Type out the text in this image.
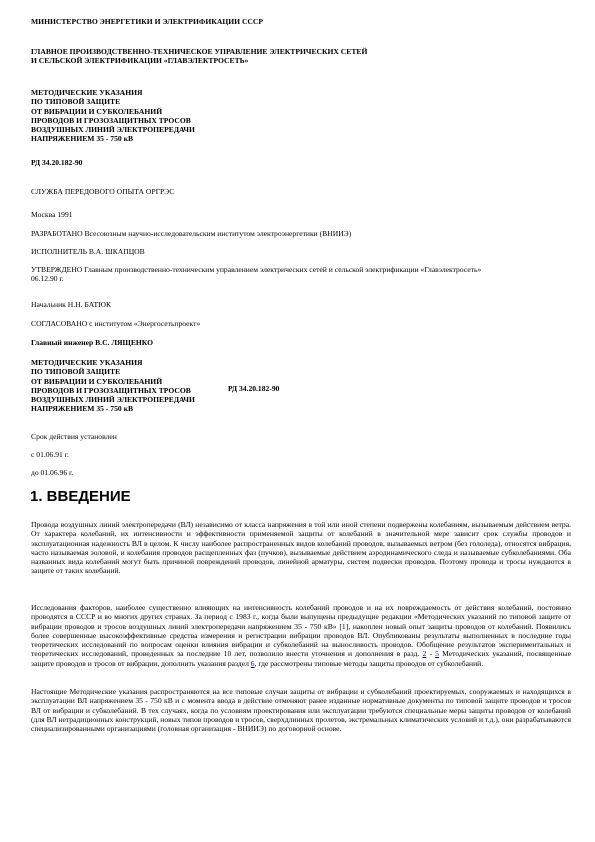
МИНИСТЕРСТВО ЭНЕРГЕТИКИ И ЭЛЕКТРИФИКАЦИИ СССР

ГЛАВНОЕ ПРОИЗВОДСТВЕННО-ТЕХНИЧЕСКОЕ УПРАВЛЕНИЕ ЭЛЕКТРИЧЕСКИХ СЕТЕЙ
И СЕЛЬСКОЙ ЭЛЕКТРИФИКАЦИИ «ГЛАВЭЛЕКТРОСЕТЬ»
МЕТОДИЧЕСКИЕ УКАЗАНИЯ
ПО ТИПОВОЙ ЗАЩИТЕ
ОТ ВИБРАЦИИ И СУБКОЛЕБАНИЙ
ПРОВОДОВ И ГРОЗОЗАЩИТНЫХ ТРОСОВ
ВОЗДУШНЫХ ЛИНИЙ ЭЛЕКТРОПЕРЕДАЧИ
НАПРЯЖЕНИЕМ 35 - 750 кВ

РД 34.20.182-90

СЛУЖБА ПЕРЕДОВОГО ОПЫТА ОРГРЭС

Москва 1991

РАЗРАБОТАНО Всесоюзным научно-исследовательским институтом электроэнергетики (ВНИИЭ)

ИСПОЛНИТЕЛЬ В.А. ШКАПЦОВ

УТВЕРЖДЕНО Главным производственно-техническим управлением электрических сетей и сельской электрификации «Главэлектросеть»
06.12.90 г.

Начальник Н.Н. БАТЮК

СОГЛАСОВАНО с институтом «Энергосетьпроект»

Главный инженер В.С. ЛЯЩЕНКО

МЕТОДИЧЕСКИЕ УКАЗАНИЯ
ПО ТИПОВОЙ ЗАЩИТЕ
ОТ ВИБРАЦИИ И СУБКОЛЕБАНИЙ
ПРОВОДОВ И ГРОЗОЗАЩИТНЫХ ТРОСОВ
ВОЗДУШНЫХ ЛИНИЙ ЭЛЕКТРОПЕРЕДАЧИ
НАПРЯЖЕНИЕМ 35 - 750 кВ
РД 34.20.182-90

Срок действия установлен

с 01.06.91 г.

до 01.06.96 г.

1. ВВЕДЕНИЕ

Провода воздушных линий электропередачи (ВЛ) независимо от класса напряжения в той или иной степени подвержены колебаниям, вызываемым действием ветра. От характера колебаний, их интенсивности и эффективности применяемой защиты от колебаний в значительной мере зависит срок службы проводов и эксплуатационная надежность ВЛ в целом. К числу наиболее распространенных видов колебаний проводов, вызываемых ветром (без гололеда), относятся вибрация, часто называемая эоловой, и колебания проводов расщепленных фаз (пучков), вызываемые действием аэродинамического следа и называемые субколебаниями. Оба названных вида колебаний могут быть причиной повреждений проводов, линейной арматуры, систем подвески проводов. Поэтому провода и тросы нуждаются в защите от таких колебаний.

Исследования факторов, наиболее существенно влияющих на интенсивность колебаний проводов и на их повреждаемость от действия колебаний, постоянно проводятся в СССР и во многих других странах. За период с 1983 г., когда были выпущены предыдущие редакции «Методических указаний по типовой защите от вибрации проводов и тросов воздушных линий электропередачи напряжением 35 - 750 кВ» [1], накоплен новый опыт защиты проводов от колебаний. Появились более совершенные высокоэффективные средства измерения и регистрации вибрации проводов ВЛ. Опубликованы результаты выполненных в последние годы теоретических исследований по вопросам оценки влияния вибрации и субколебаний на выносливость проводов. Обобщение результатов экспериментальных и теоретических исследований, проведенных за последние 10 лет, позволило внести уточнения и дополнения в разд. 2 - 5 Методических указаний, посвященные защите проводов и тросов от вибрации, дополнить указания раздел 6, где рассмотрены типовые методы защиты проводов от субколебаний.

Настоящие Методические указания распространяются на все типовые случаи защиты от вибрации и субколебаний проектируемых, сооружаемых и находящихся в эксплуатации ВЛ напряжением 35 - 750 кВ и с момента ввода в действие отменяют ранее изданные нормативные документы по типовой защите проводов и тросов ВЛ от вибрации и субколебаний. В тех случаях, когда по условиям проектирования или эксплуатации требуются специальные меры защиты проводов от колебаний (для ВЛ нетрадиционных конструкций, новых типов проводов и тросов, сверхдлинных пролетов, экстремальных климатических условий и т.д.), они разрабатываются специализированными организациями (головная организация - ВНИИЭ) по договорной основе.
